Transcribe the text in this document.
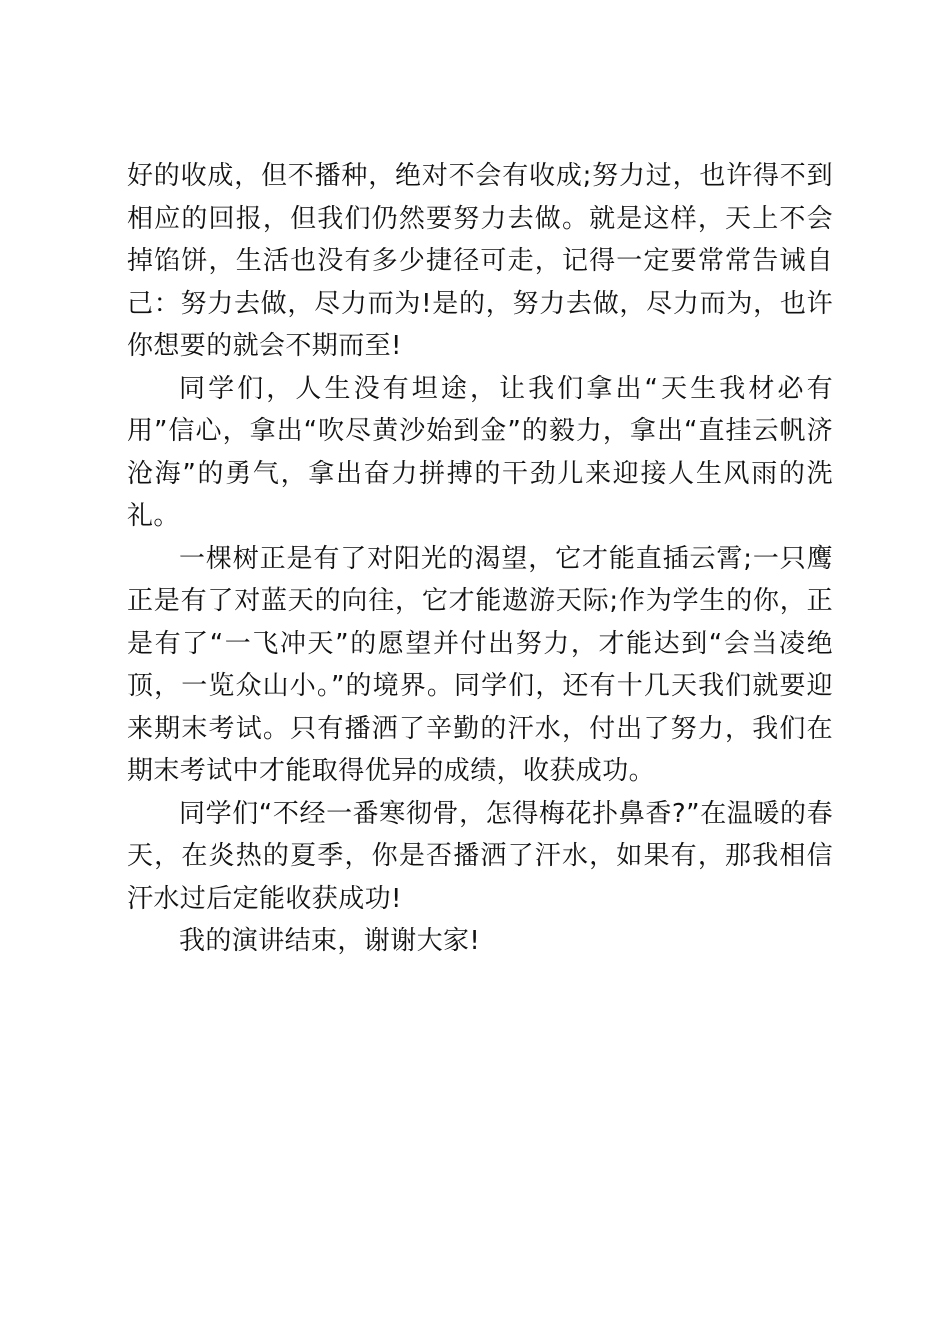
好的收成，但不播种，绝对不会有收成;努力过，也许得不到相应的回报，但我们仍然要努力去做。就是这样，天上不会掉馅饼，生活也没有多少捷径可走，记得一定要常常告诫自己：努力去做，尽力而为!是的，努力去做，尽力而为，也许你想要的就会不期而至!

同学们，人生没有坦途，让我们拿出“天生我材必有用”信心，拿出“吹尽黄沙始到金”的毅力，拿出“直挂云帆济沧海”的勇气，拿出奋力拼搏的干劲儿来迎接人生风雨的洗礼。

一棵树正是有了对阳光的渴望，它才能直插云霄;一只鹰正是有了对蓝天的向往，它才能遨游天际;作为学生的你，正是有了“一飞冲天”的愿望并付出努力，才能达到“会当凌绝顶，一览众山小。”的境界。同学们，还有十几天我们就要迎来期末考试。只有播洒了辛勤的汗水，付出了努力，我们在期末考试中才能取得优异的成绩，收获成功。

同学们“不经一番寒彻骨，怎得梅花扑鼻香?”在温暖的春天，在炎热的夏季，你是否播洒了汗水，如果有，那我相信汗水过后定能收获成功!

我的演讲结束，谢谢大家!
